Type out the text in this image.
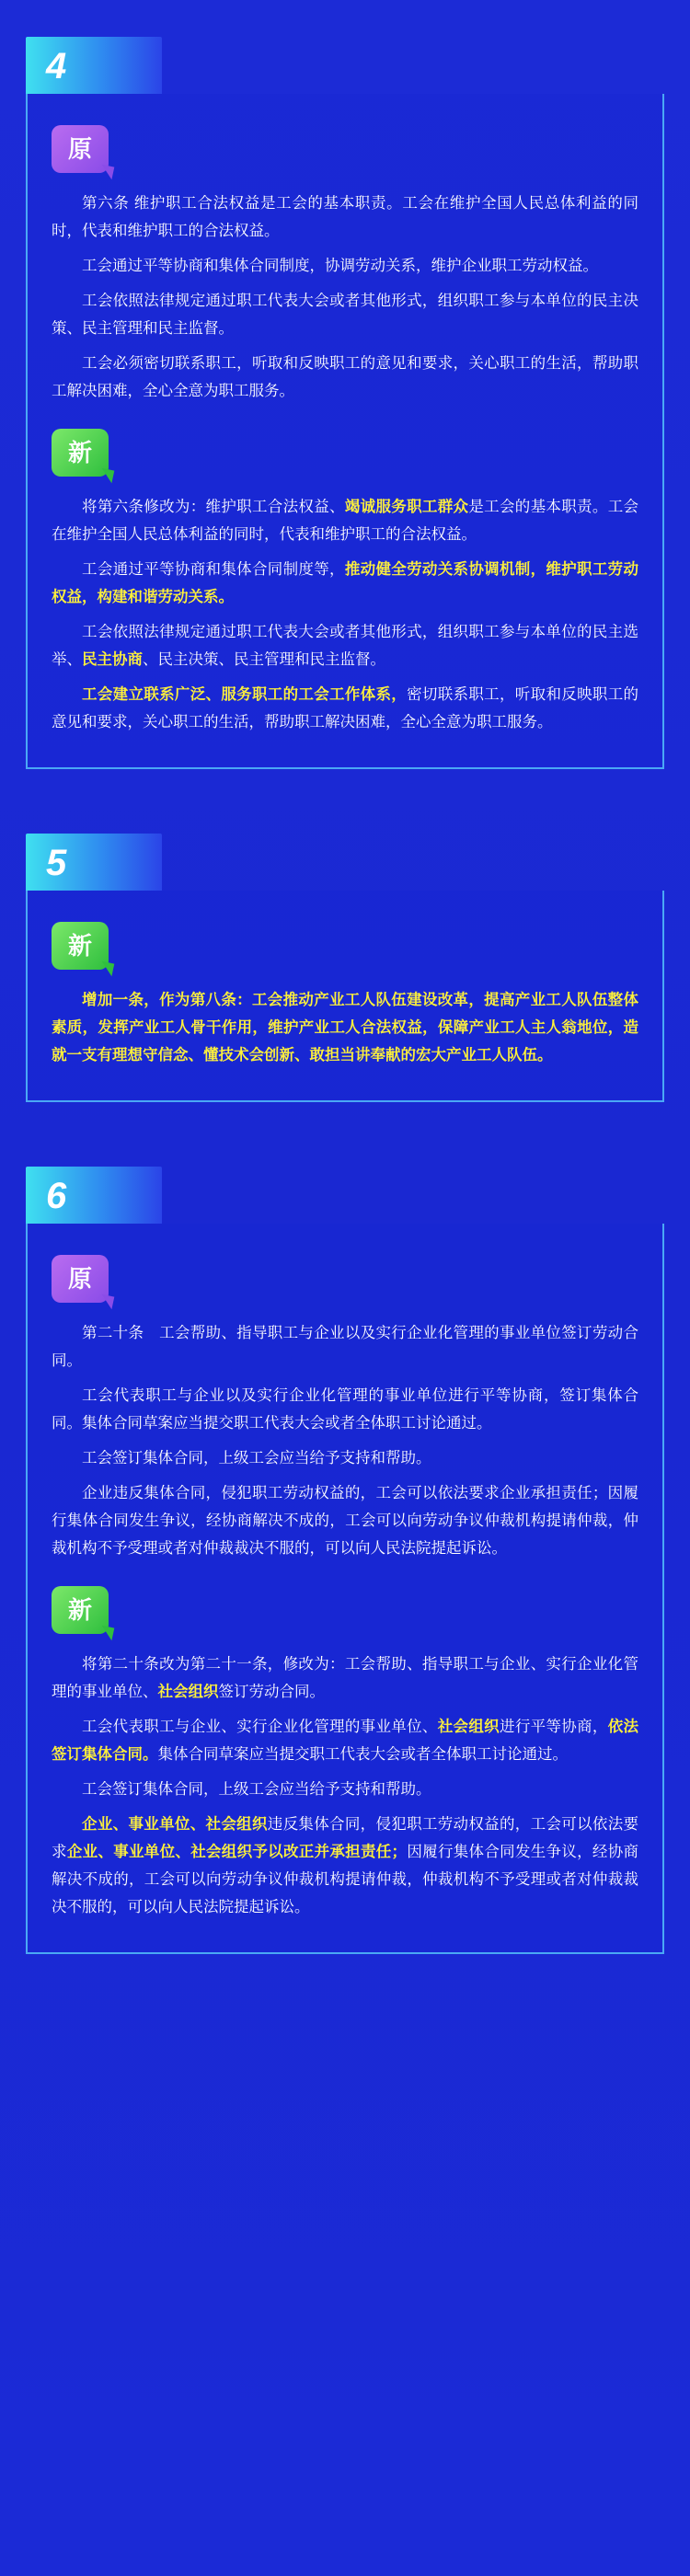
4
原

第六条 维护职工合法权益是工会的基本职责。工会在维护全国人民总体利益的同时，代表和维护职工的合法权益。

工会通过平等协商和集体合同制度，协调劳动关系，维护企业职工劳动权益。

工会依照法律规定通过职工代表大会或者其他形式，组织职工参与本单位的民主决策、民主管理和民主监督。

工会必须密切联系职工，听取和反映职工的意见和要求，关心职工的生活，帮助职工解决困难，全心全意为职工服务。

新

将第六条修改为：维护职工合法权益、竭诚服务职工群众是工会的基本职责。工会在维护全国人民总体利益的同时，代表和维护职工的合法权益。

工会通过平等协商和集体合同制度等，推动健全劳动关系协调机制，维护职工劳动权益，构建和谐劳动关系。

工会依照法律规定通过职工代表大会或者其他形式，组织职工参与本单位的民主选举、民主协商、民主决策、民主管理和民主监督。

工会建立联系广泛、服务职工的工会工作体系，密切联系职工，听取和反映职工的意见和要求，关心职工的生活，帮助职工解决困难，全心全意为职工服务。

5
新

增加一条，作为第八条：工会推动产业工人队伍建设改革，提高产业工人队伍整体素质，发挥产业工人骨干作用，维护产业工人合法权益，保障产业工人主人翁地位，造就一支有理想守信念、懂技术会创新、敢担当讲奉献的宏大产业工人队伍。

6
原

第二十条　工会帮助、指导职工与企业以及实行企业化管理的事业单位签订劳动合同。

工会代表职工与企业以及实行企业化管理的事业单位进行平等协商，签订集体合同。集体合同草案应当提交职工代表大会或者全体职工讨论通过。

工会签订集体合同，上级工会应当给予支持和帮助。

企业违反集体合同，侵犯职工劳动权益的，工会可以依法要求企业承担责任；因履行集体合同发生争议，经协商解决不成的，工会可以向劳动争议仲裁机构提请仲裁，仲裁机构不予受理或者对仲裁裁决不服的，可以向人民法院提起诉讼。

新

将第二十条改为第二十一条，修改为：工会帮助、指导职工与企业、实行企业化管理的事业单位、社会组织签订劳动合同。

工会代表职工与企业、实行企业化管理的事业单位、社会组织进行平等协商，依法签订集体合同。集体合同草案应当提交职工代表大会或者全体职工讨论通过。

工会签订集体合同，上级工会应当给予支持和帮助。

企业、事业单位、社会组织违反集体合同，侵犯职工劳动权益的，工会可以依法要求企业、事业单位、社会组织予以改正并承担责任；因履行集体合同发生争议，经协商解决不成的，工会可以向劳动争议仲裁机构提请仲裁，仲裁机构不予受理或者对仲裁裁决不服的，可以向人民法院提起诉讼。
